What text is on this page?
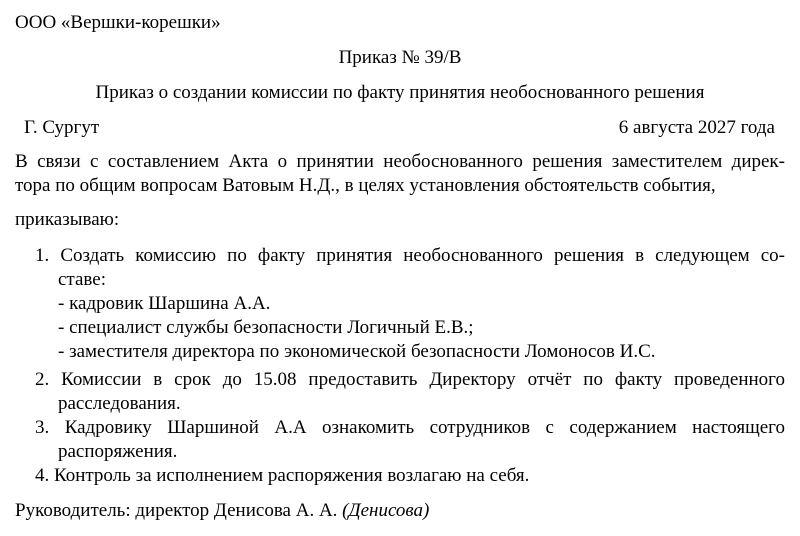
ООО «Вершки-корешки»
Приказ № 39/В
Приказ о создании комиссии по факту принятия необоснованного решения
Г. Сургут	6 августа 2027 года
В связи с составлением Акта о принятии необоснованного решения заместителем дирек-
тора по общим вопросам Ватовым Н.Д., в целях установления обстоятельств события,
приказываю:
1. Создать комиссию по факту принятия необоснованного решения в следующем со-
ставе:
- кадровик Шаршина А.А.
- специалист службы безопасности Логичный Е.В.;
- заместителя директора по экономической безопасности Ломоносов И.С.
2. Комиссии в срок до 15.08 предоставить Директору отчёт по факту проведенного
расследования.
3. Кадровику Шаршиной А.А ознакомить сотрудников с содержанием настоящего
распоряжения.
4. Контроль за исполнением распоряжения возлагаю на себя.
Руководитель: директор Денисова А. А. (Денисова)
